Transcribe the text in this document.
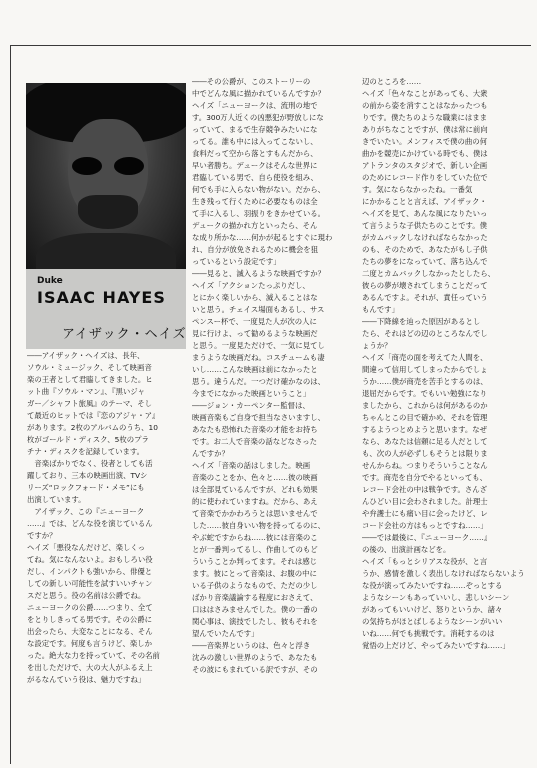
Duke
ISAAC HAYES
アイザック・ヘイズ

――アイザック・ヘイズは、長年、

ソウル・ミュージック、そして映画音

楽の王者として君臨してきました。ヒ

ット曲『ソウル・マン』、『黒いジャ

ガー／シャフト旅風』のテーマ、そし

て最近のヒットでは『恋のアジャ・ア』

があります。2枚のアルバムのうち、10

枚がゴールド・ディスク、5枚のプラ

チナ・ディスクを記録しています。

　音楽ばかりでなく、役者としても活

躍しており、三本の映画出演、TVシ

リーズ“ロックフォード・メモ”にも

出演しています。

　アイザック、この『ニューヨーク

……』では、どんな役を演じているん

ですか？

ヘイズ「悪役なんだけど、楽しくっ

てね。気になんないよ。おもしろい役

だし、インパクトも強いから、俳優と

しての新しい可能性を試すいいチャン

スだと思う。役の名前は公爵でね。

ニューヨークの公爵……つまり、全て

をとりしきってる男です。その公爵に

出会ったら、大変なことになる、そん

な設定です。何度も言うけど、楽しか

った。絶大な力を持っていて、その名前

を出しただけで、大の大人がふるえ上

がるなんていう役は、魅力ですね」

――その公爵が、このストーリーの

中でどんな風に描かれているんですか？

ヘイズ「ニューヨークは、流刑の地で

す。300万人近くの凶悪犯が野放しにな

っていて、まるで生存競争みたいにな

ってる。誰も中には入ってこないし、

食料だって空から落とすもんだから、

早い者勝ち。デュークはそんな世界に

君臨している男で、自ら使役を組み、

何でも手に入らない物がない。だから、

生き残って行くために必要なものは全

て手に入るし、羽振りをきかせている。

デュークの描かれ方といったら、そん

な成り所かな……何かが起るとすぐに現わ

れ、自分が放免されるために機会を狙

っているという設定です」

――見ると、滅入るような映画ですか？

ヘイズ「アクションたっぷりだし、

とにかく楽しいから、滅入ることはな

いと思う。チェイス場面もあるし、サス

ペンスー杯で、一度見た人が次の人に

見に行けよ、って勧めるような映画だ

と思う。一度見ただけで、一気に見てし

まうような映画だね。コスチュームも凄

いし……こんな映画は前になかったと

思う。違うんだ。一つだけ確かなのは、

今までになかった映画ということ」

――ジョン・カーペンター監督は、

映画音楽もご自身で担当なさいますし、

あなたも恐怖れた音楽の才能をお持ち

です。お二人で音楽の話などなさった

んですか？

ヘイズ「音楽の話はしました。映画

音楽のことをか、色々と……彼の映画

は全部見ているんですが、どれも効果

的に使われていますね。だから、あえ

て音楽でかかわろうとは思いませんで

した……彼自身いい物を持ってるのに、

やぶ蛇ですからね……彼には音楽のこ

とが一番判ってるし、作曲してのもど

ういうことか判ってます。それは感じ

ます。彼にとって音楽は、お腹の中に

いる子供のようなもので、ただの少し

ばかり音楽議論する程度におさえて、

口ははさみませんでした。僕の一番の

関心事は、演技でしたし、彼もそれを

望んでいたんです」

――音楽界というのは、色々と浮き

沈みの激しい世界のようで、あなたも

その波にもまれている訳ですが、その

辺のところを……

ヘイズ「色々なことがあっても、大衆

の前から姿を消すことはなかったつも

りです。僕たちのような職業にはまま

ありがちなことですが、僕は常に前向

きでいたい。メンフィスで僕の曲の何

曲かを競売にかけている時でも、僕は

アトランタのスタジオで、新しい企画

のためにレコード作りをしていた位で

す。気にならなかったね。一番気

にかかることと言えば、アイザック・

ヘイズを見て、あんな風になりたいっ

て言うような子供たちのことです。僕

がカムバックしなければならなかった

のも、そのためで、あなたがもし子供

たちの夢をになっていて、落ち込んで

二度とカムバックしなかったとしたら、

彼らの夢が壊されてしまうことだって

あるんですよ。それが、責任っていう

もんです」

――下降線を辿った原因があるとし

たら、それはどの辺のところなんでし

ょうか？

ヘイズ「商売の面を考えてた人間を、

間違って信用してしまったからでしょ

うか……僕が商売を苦手とするのは、

退屈だからです。でもいい勉強になり

ましたから、これからは何があるのか

ちゃんとこの目で確かめ、それを管理

するようつとめようと思います。なぜ

なら、あなたは信頼に足る人だとして

も、次の人が必ずしもそうとは限りま

せんからね。つまりそういうことなん

です。商売を自分でやるといっても、

レコード会社の中は戦争です。さんざ

んひどい目に会わされました。計理士

や弁護士にも痛い目に会ったけど、レ

コード会社の方はもっとですね……」

――では最後に、『ニューヨーク……』

の後の、出演計画などを。

ヘイズ「もっとシリアスな役が、と言

うか、感情を激しく表出しなければならないよう

な役が演ってみたいですね……ぞっとする

ようなシーンもあっていいし、悲しいシーン

があってもいいけど、怒りというか、諸々

の気持ちがほとばしるようなシーンがいい

いね……何でも挑戦です。消耗するのは

覚悟の上だけど、やってみたいですね……」
